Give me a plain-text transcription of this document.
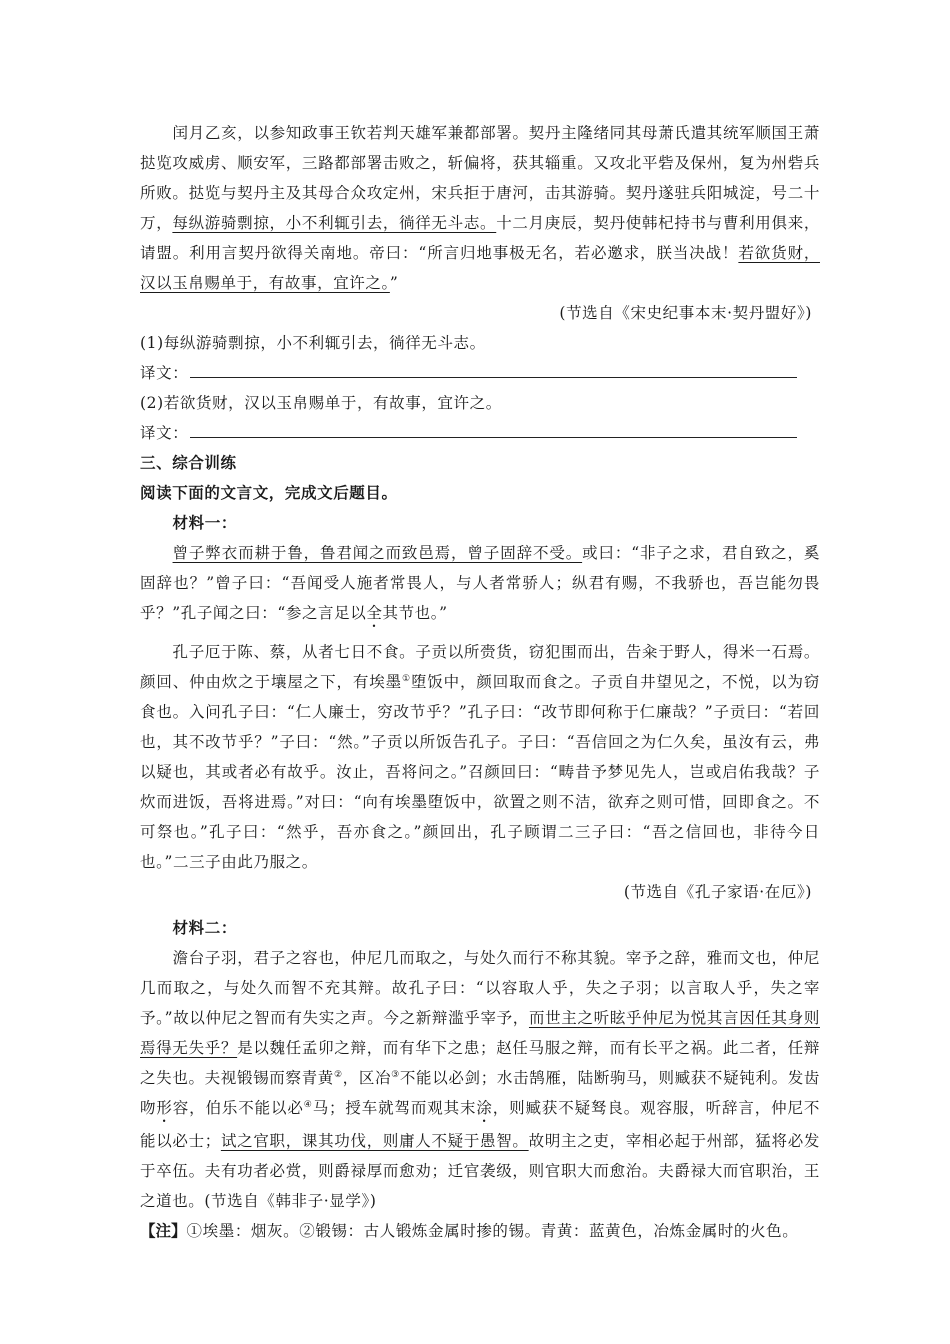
闰月乙亥，以参知政事王钦若判天雄军兼都部署。契丹主隆绪同其母萧氏遣其统军顺国王萧挞览攻威虏、顺安军，三路都部署击败之，斩偏将，获其辎重。又攻北平砦及保州，复为州砦兵所败。挞览与契丹主及其母合众攻定州，宋兵拒于唐河，击其游骑。契丹遂驻兵阳城淀，号二十万，每纵游骑剽掠，小不利辄引去，徜徉无斗志。十二月庚辰，契丹使韩杞持书与曹利用俱来，请盟。利用言契丹欲得关南地。帝曰：“所言归地事极无名，若必邀求，朕当决战！若欲货财，汉以玉帛赐单于，有故事，宜许之。”

(节选自《宋史纪事本末·契丹盟好》)

(1)每纵游骑剽掠，小不利辄引去，徜徉无斗志。

译文：

(2)若欲货财，汉以玉帛赐单于，有故事，宜许之。

译文：

三、综合训练

阅读下面的文言文，完成文后题目。

材料一：

曾子弊衣而耕于鲁，鲁君闻之而致邑焉，曾子固辞不受。或曰：“非子之求，君自致之，奚固辞也？”曾子曰：“吾闻受人施者常畏人，与人者常骄人；纵君有赐，不我骄也，吾岂能勿畏乎？”孔子闻之曰：“参之言足以全其节也。”

孔子厄于陈、蔡，从者七日不食。子贡以所赍货，窃犯围而出，告籴于野人，得米一石焉。颜回、仲由炊之于壤屋之下，有埃墨①堕饭中，颜回取而食之。子贡自井望见之，不悦，以为窃食也。入问孔子曰：“仁人廉士，穷改节乎？”孔子曰：“改节即何称于仁廉哉？”子贡曰：“若回也，其不改节乎？”子曰：“然。”子贡以所饭告孔子。子曰：“吾信回之为仁久矣，虽汝有云，弗以疑也，其或者必有故乎。汝止，吾将问之。”召颜回曰：“畴昔予梦见先人，岂或启佑我哉？子炊而进饭，吾将进焉。”对曰：“向有埃墨堕饭中，欲置之则不洁，欲弃之则可惜，回即食之。不可祭也。”孔子曰：“然乎，吾亦食之。”颜回出，孔子顾谓二三子曰：“吾之信回也，非待今日也。”二三子由此乃服之。

(节选自《孔子家语·在厄》)

材料二：

澹台子羽，君子之容也，仲尼几而取之，与处久而行不称其貌。宰予之辞，雅而文也，仲尼几而取之，与处久而智不充其辩。故孔子曰：“以容取人乎，失之子羽；以言取人乎，失之宰予。”故以仲尼之智而有失实之声。今之新辩滥乎宰予，而世主之听眩乎仲尼为悦其言因任其身则焉得无失乎？是以魏任孟卯之辩，而有华下之患；赵任马服之辩，而有长平之祸。此二者，任辩之失也。夫视锻锡而察青黄②，区冶③不能以必剑；水击鹄雁，陆断驹马，则臧获不疑钝利。发齿吻形容，伯乐不能以必④马；授车就驾而观其末涂，则臧获不疑驽良。观容服，听辞言，仲尼不能以必士；试之官职，课其功伐，则庸人不疑于愚智。故明主之吏，宰相必起于州部，猛将必发于卒伍。夫有功者必赏，则爵禄厚而愈劝；迁官袭级，则官职大而愈治。夫爵禄大而官职治，王之道也。(节选自《韩非子·显学》)

【注】①埃墨：烟灰。②锻锡：古人锻炼金属时掺的锡。青黄：蓝黄色，冶炼金属时的火色。
